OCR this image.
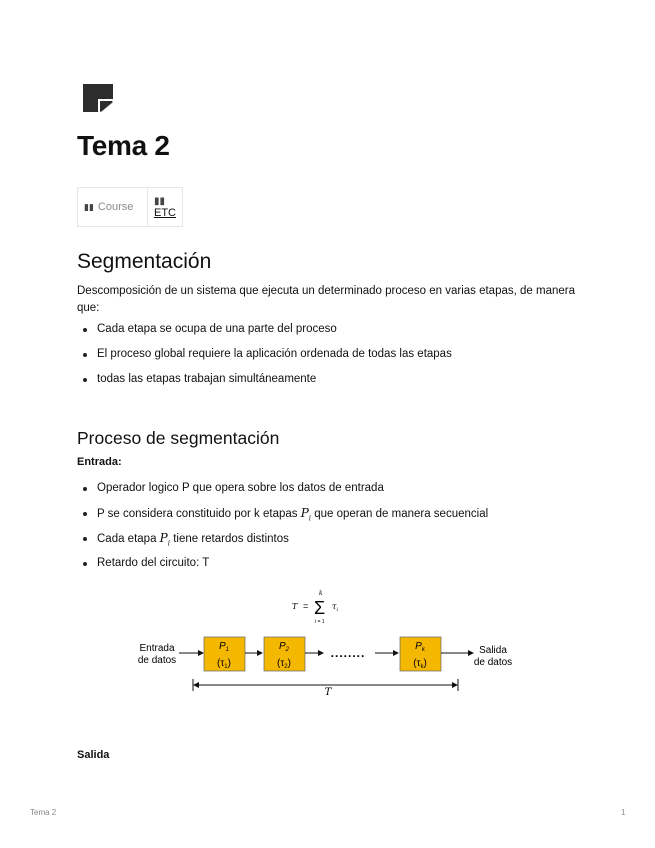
Tema 2
▮▮ Course	▮▮
ETC
Segmentación

Descomposición de un sistema que ejecuta un determinado proceso en varias etapas, de manera que:

Cada etapa se ocupa de una parte del proceso
El proceso global requiere la aplicación ordenada de todas las etapas
todas las etapas trabajan simultáneamente
Proceso de segmentación

Entrada:

Operador logico P que opera sobre los datos de entrada
P se considera constituido por k etapas $P_i$ que operan de manera secuencial
Cada etapa $P_i$ tiene retardos distintos
Retardo del circuito: T
T =
k
Σ
i = 1
$\tau_i$
Entrada
de datos
$P_1$
$(\tau_1)$
$P_2$
$(\tau_2)$
........	$P_k$
$(\tau_k)$
Salida
de datos
T

Salida

Tema 2	1
